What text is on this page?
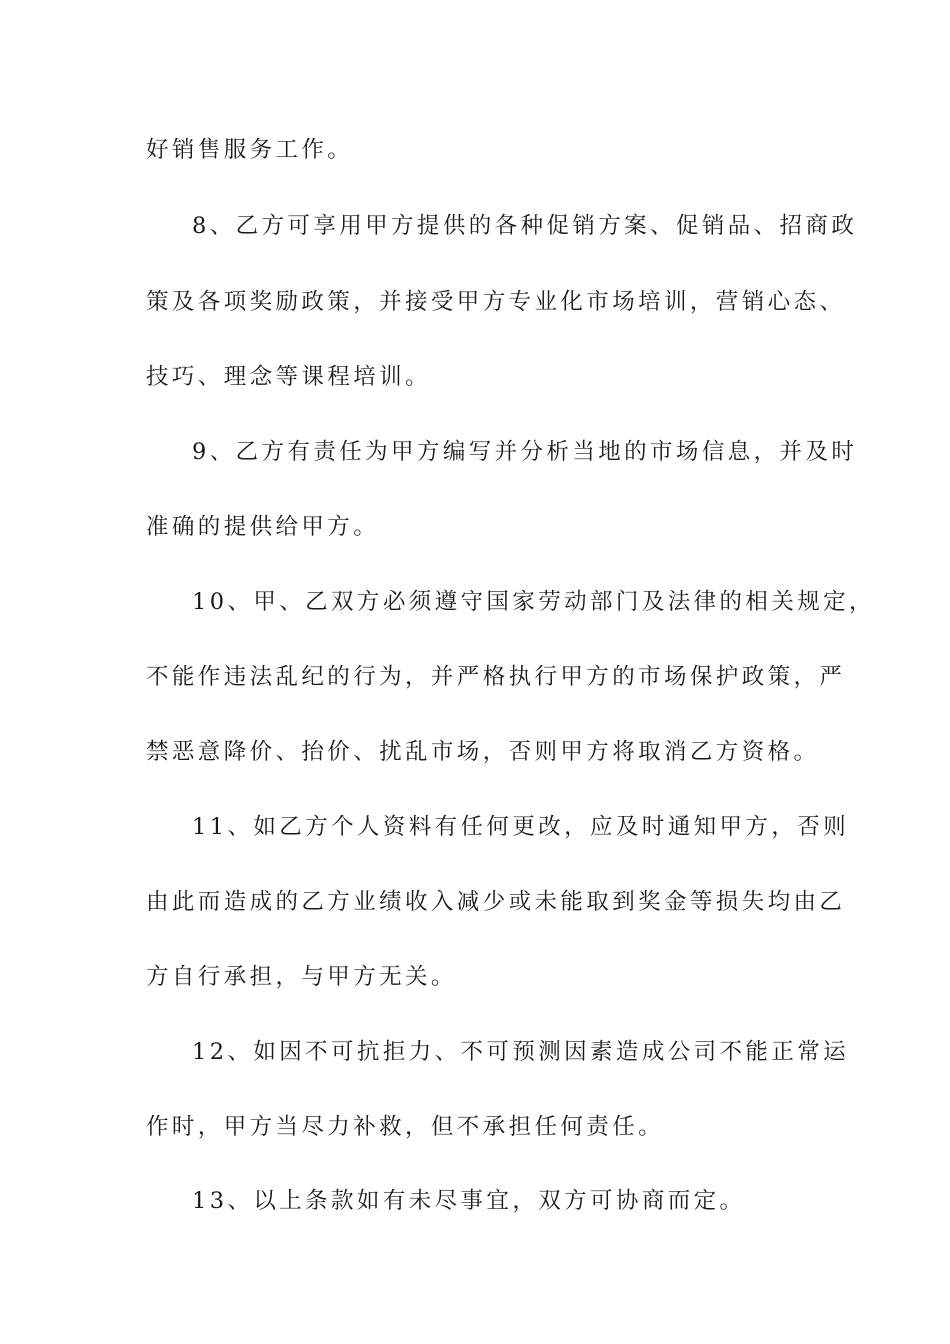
好销售服务工作。
8、乙方可享用甲方提供的各种促销方案、促销品、招商政
策及各项奖励政策，并接受甲方专业化市场培训，营销心态、
技巧、理念等课程培训。
9、乙方有责任为甲方编写并分析当地的市场信息，并及时
准确的提供给甲方。
10、甲、乙双方必须遵守国家劳动部门及法律的相关规定，
不能作违法乱纪的行为，并严格执行甲方的市场保护政策，严
禁恶意降价、抬价、扰乱市场，否则甲方将取消乙方资格。
11、如乙方个人资料有任何更改，应及时通知甲方，否则
由此而造成的乙方业绩收入减少或未能取到奖金等损失均由乙
方自行承担，与甲方无关。
12、如因不可抗拒力、不可预测因素造成公司不能正常运
作时，甲方当尽力补救，但不承担任何责任。
13、以上条款如有未尽事宜，双方可协商而定。
